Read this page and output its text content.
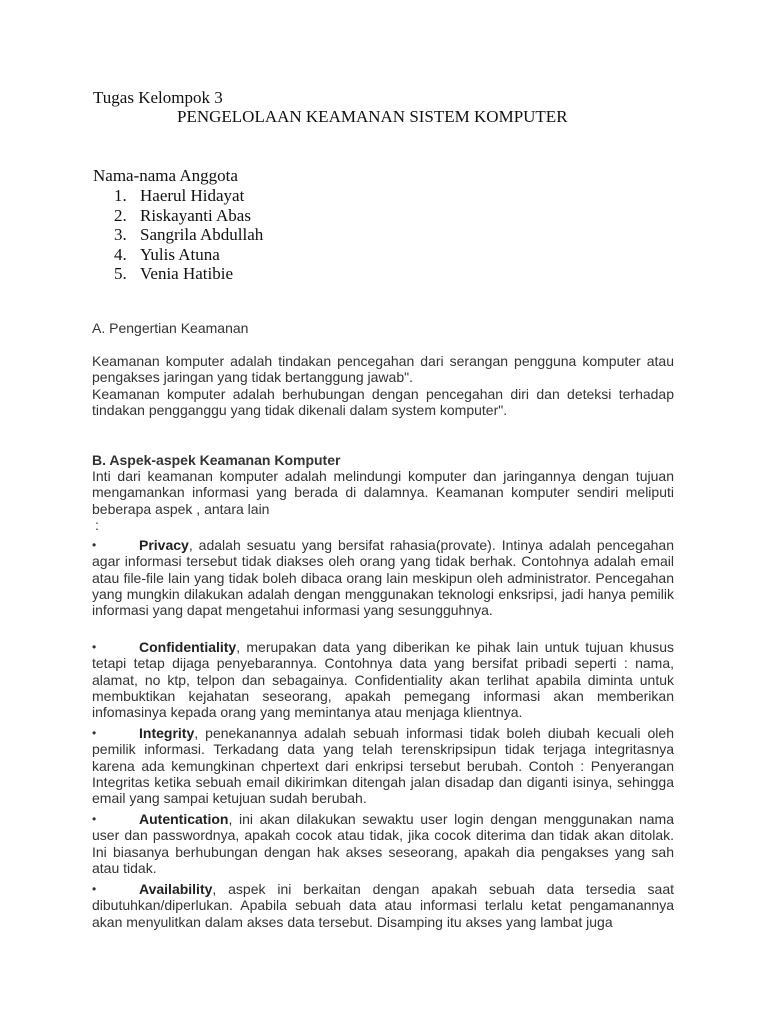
Tugas Kelompok 3
PENGELOLAAN KEAMANAN SISTEM KOMPUTER
Nama-nama Anggota
1. Haerul Hidayat
2. Riskayanti Abas
3. Sangrila Abdullah
4. Yulis Atuna
5. Venia Hatibie
A. Pengertian Keamanan
Keamanan komputer adalah tindakan pencegahan dari serangan pengguna komputer atau pengakses jaringan yang tidak bertanggung jawab".
Keamanan komputer adalah berhubungan dengan pencegahan diri dan deteksi terhadap tindakan pengganggu yang tidak dikenali dalam system komputer".
B. Aspek-aspek Keamanan Komputer
Inti dari keamanan komputer adalah melindungi komputer dan jaringannya dengan tujuan mengamankan informasi yang berada di dalamnya. Keamanan komputer sendiri meliputi beberapa aspek , antara lain
:
•	Privacy, adalah sesuatu yang bersifat rahasia(provate). Intinya adalah pencegahan agar informasi tersebut tidak diakses oleh orang yang tidak berhak. Contohnya adalah email atau file-file lain yang tidak boleh dibaca orang lain meskipun oleh administrator. Pencegahan yang mungkin dilakukan adalah dengan menggunakan teknologi enksripsi, jadi hanya pemilik informasi yang dapat mengetahui informasi yang sesungguhnya.
•	Confidentiality, merupakan data yang diberikan ke pihak lain untuk tujuan khusus tetapi tetap dijaga penyebarannya. Contohnya data yang bersifat pribadi seperti : nama, alamat, no ktp, telpon dan sebagainya. Confidentiality akan terlihat apabila diminta untuk membuktikan kejahatan seseorang, apakah pemegang informasi akan memberikan infomasinya kepada orang yang memintanya atau menjaga klientnya.
•	Integrity, penekanannya adalah sebuah informasi tidak boleh diubah kecuali oleh pemilik informasi. Terkadang data yang telah terenskripsipun tidak terjaga integritasnya karena ada kemungkinan chpertext dari enkripsi tersebut berubah. Contoh : Penyerangan Integritas ketika sebuah email dikirimkan ditengah jalan disadap dan diganti isinya, sehingga email yang sampai ketujuan sudah berubah.
•	Autentication, ini akan dilakukan sewaktu user login dengan menggunakan nama user dan passwordnya, apakah cocok atau tidak, jika cocok diterima dan tidak akan ditolak. Ini biasanya berhubungan dengan hak akses seseorang, apakah dia pengakses yang sah atau tidak.
•	Availability, aspek ini berkaitan dengan apakah sebuah data tersedia saat dibutuhkan/diperlukan. Apabila sebuah data atau informasi terlalu ketat pengamanannya akan menyulitkan dalam akses data tersebut. Disamping itu akses yang lambat juga
